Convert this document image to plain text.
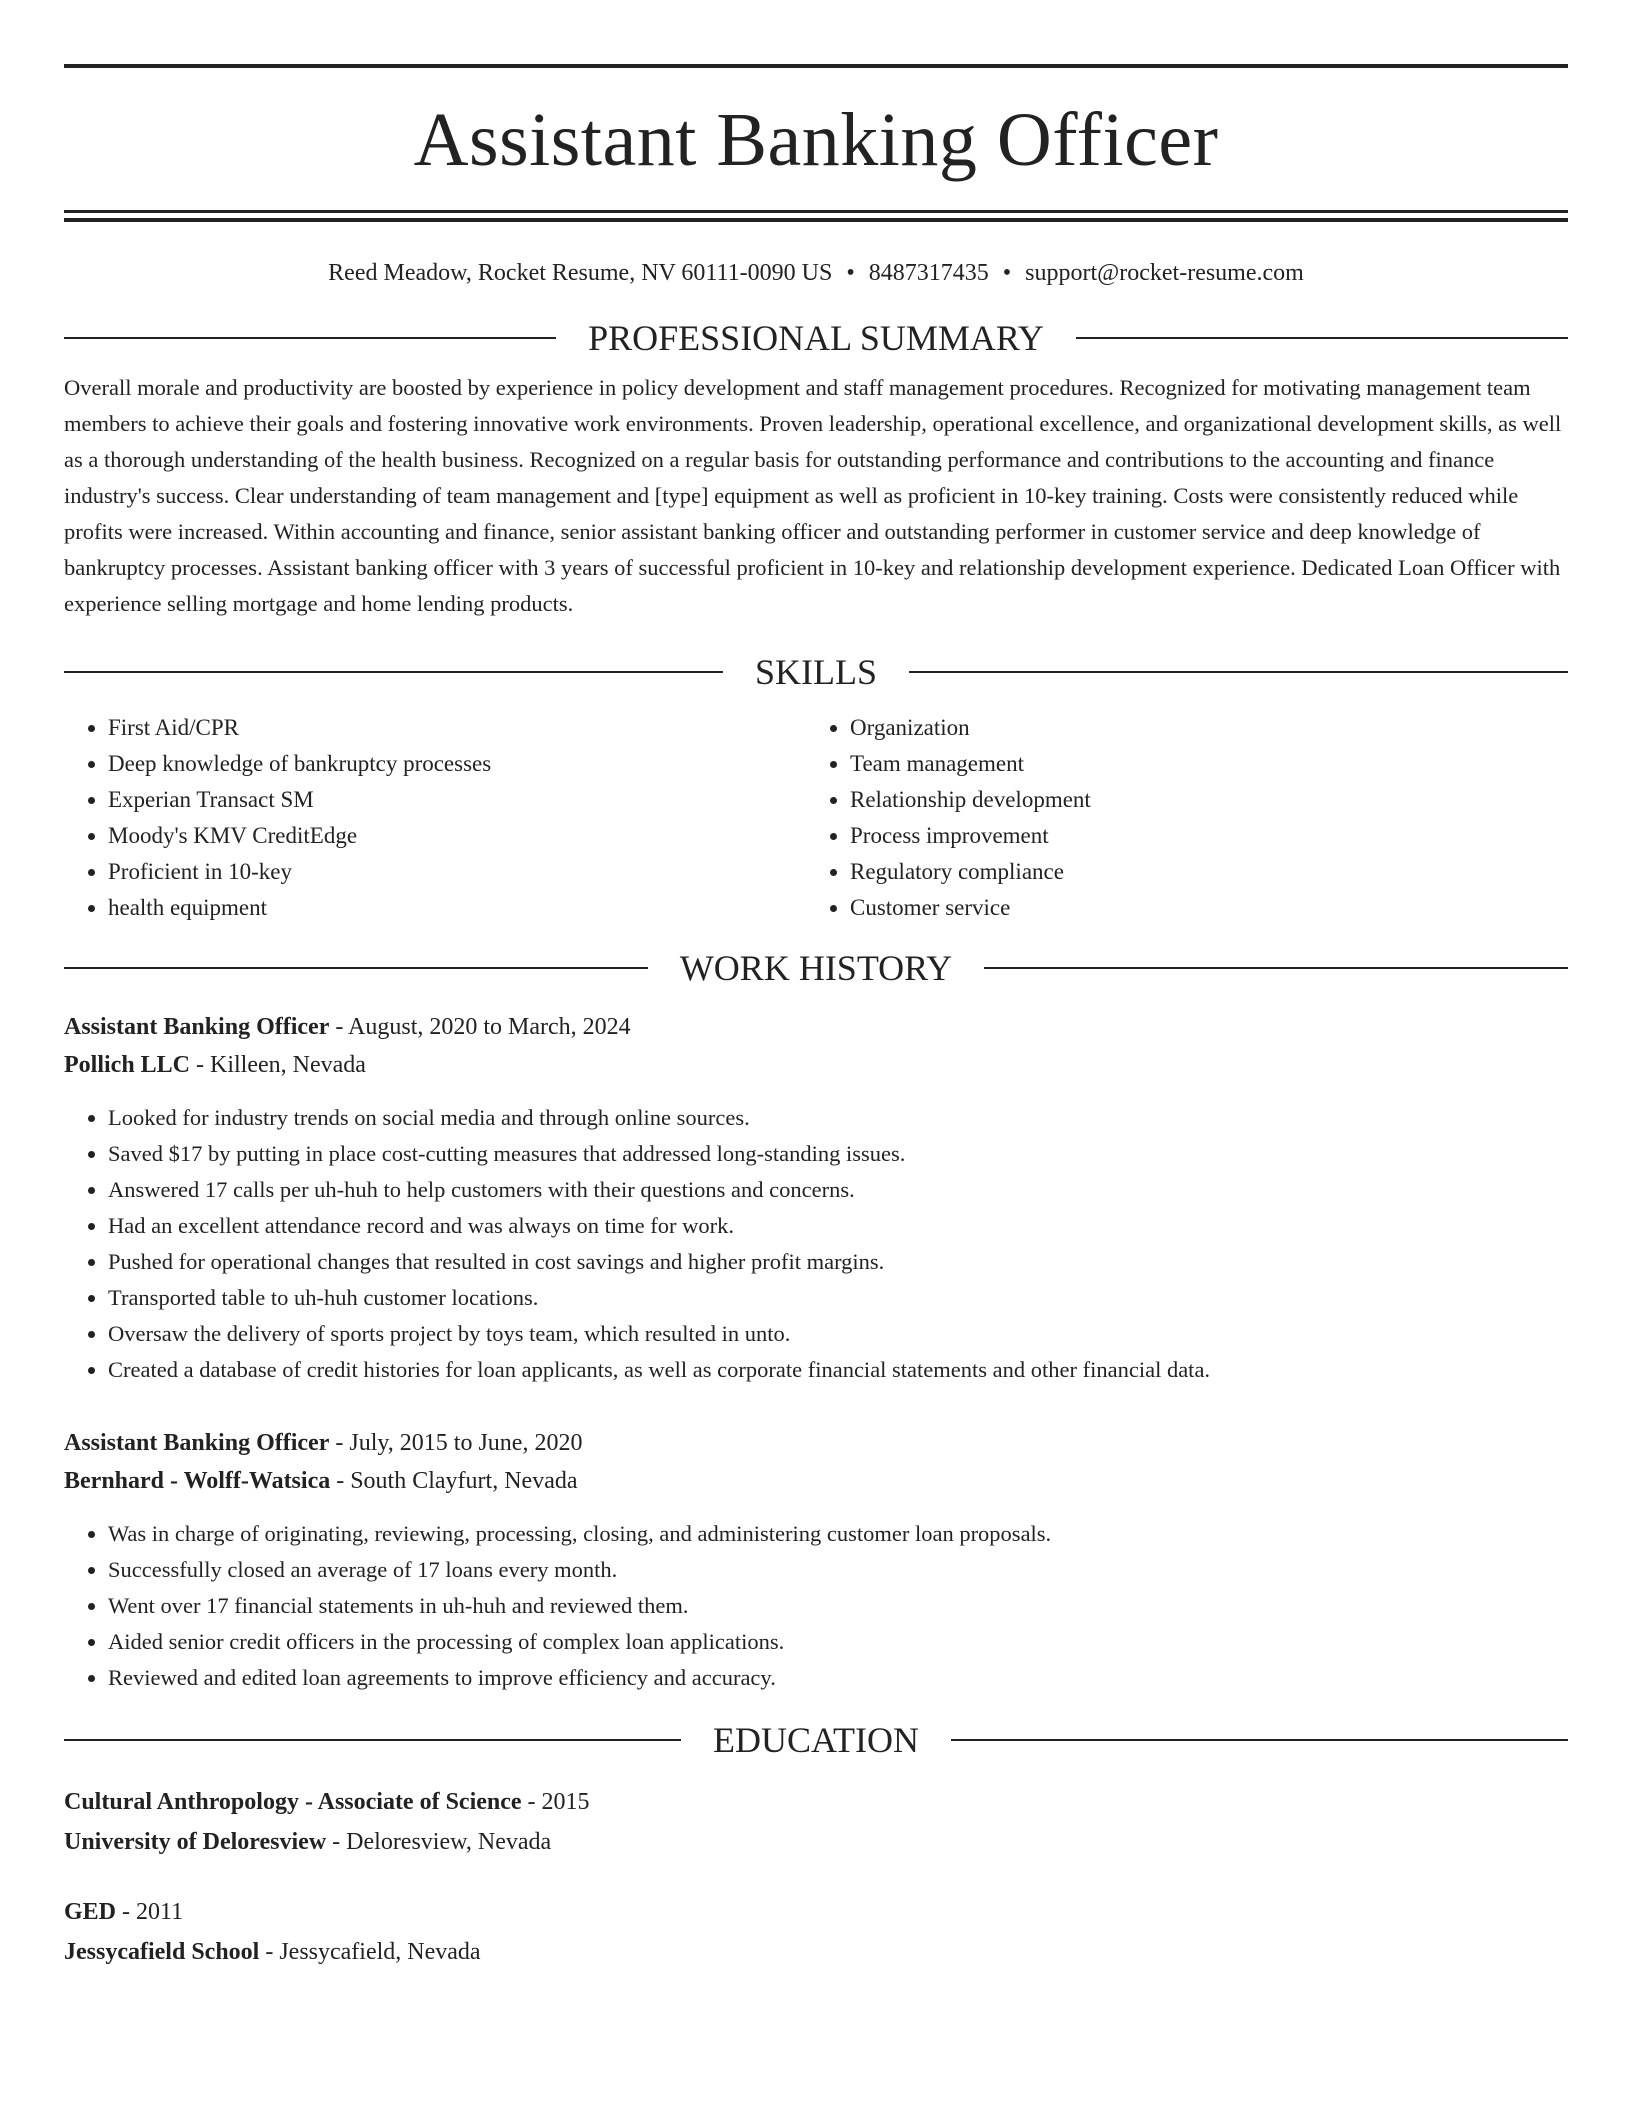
Assistant Banking Officer
Reed Meadow, Rocket Resume, NV 60111-0090 US • 8487317435 • support@rocket-resume.com
PROFESSIONAL SUMMARY
Overall morale and productivity are boosted by experience in policy development and staff management procedures. Recognized for motivating management team members to achieve their goals and fostering innovative work environments. Proven leadership, operational excellence, and organizational development skills, as well as a thorough understanding of the health business. Recognized on a regular basis for outstanding performance and contributions to the accounting and finance industry's success. Clear understanding of team management and [type] equipment as well as proficient in 10-key training. Costs were consistently reduced while profits were increased. Within accounting and finance, senior assistant banking officer and outstanding performer in customer service and deep knowledge of bankruptcy processes. Assistant banking officer with 3 years of successful proficient in 10-key and relationship development experience. Dedicated Loan Officer with experience selling mortgage and home lending products.
SKILLS
• First Aid/CPR
• Deep knowledge of bankruptcy processes
• Experian Transact SM
• Moody's KMV CreditEdge
• Proficient in 10-key
• health equipment
• Organization
• Team management
• Relationship development
• Process improvement
• Regulatory compliance
• Customer service
WORK HISTORY
Assistant Banking Officer - August, 2020 to March, 2024
Pollich LLC - Killeen, Nevada
• Looked for industry trends on social media and through online sources.
• Saved $17 by putting in place cost-cutting measures that addressed long-standing issues.
• Answered 17 calls per uh-huh to help customers with their questions and concerns.
• Had an excellent attendance record and was always on time for work.
• Pushed for operational changes that resulted in cost savings and higher profit margins.
• Transported table to uh-huh customer locations.
• Oversaw the delivery of sports project by toys team, which resulted in unto.
• Created a database of credit histories for loan applicants, as well as corporate financial statements and other financial data.
Assistant Banking Officer - July, 2015 to June, 2020
Bernhard - Wolff-Watsica - South Clayfurt, Nevada
• Was in charge of originating, reviewing, processing, closing, and administering customer loan proposals.
• Successfully closed an average of 17 loans every month.
• Went over 17 financial statements in uh-huh and reviewed them.
• Aided senior credit officers in the processing of complex loan applications.
• Reviewed and edited loan agreements to improve efficiency and accuracy.
EDUCATION
Cultural Anthropology - Associate of Science - 2015
University of Deloresview - Deloresview, Nevada
GED - 2011
Jessycafield School - Jessycafield, Nevada
